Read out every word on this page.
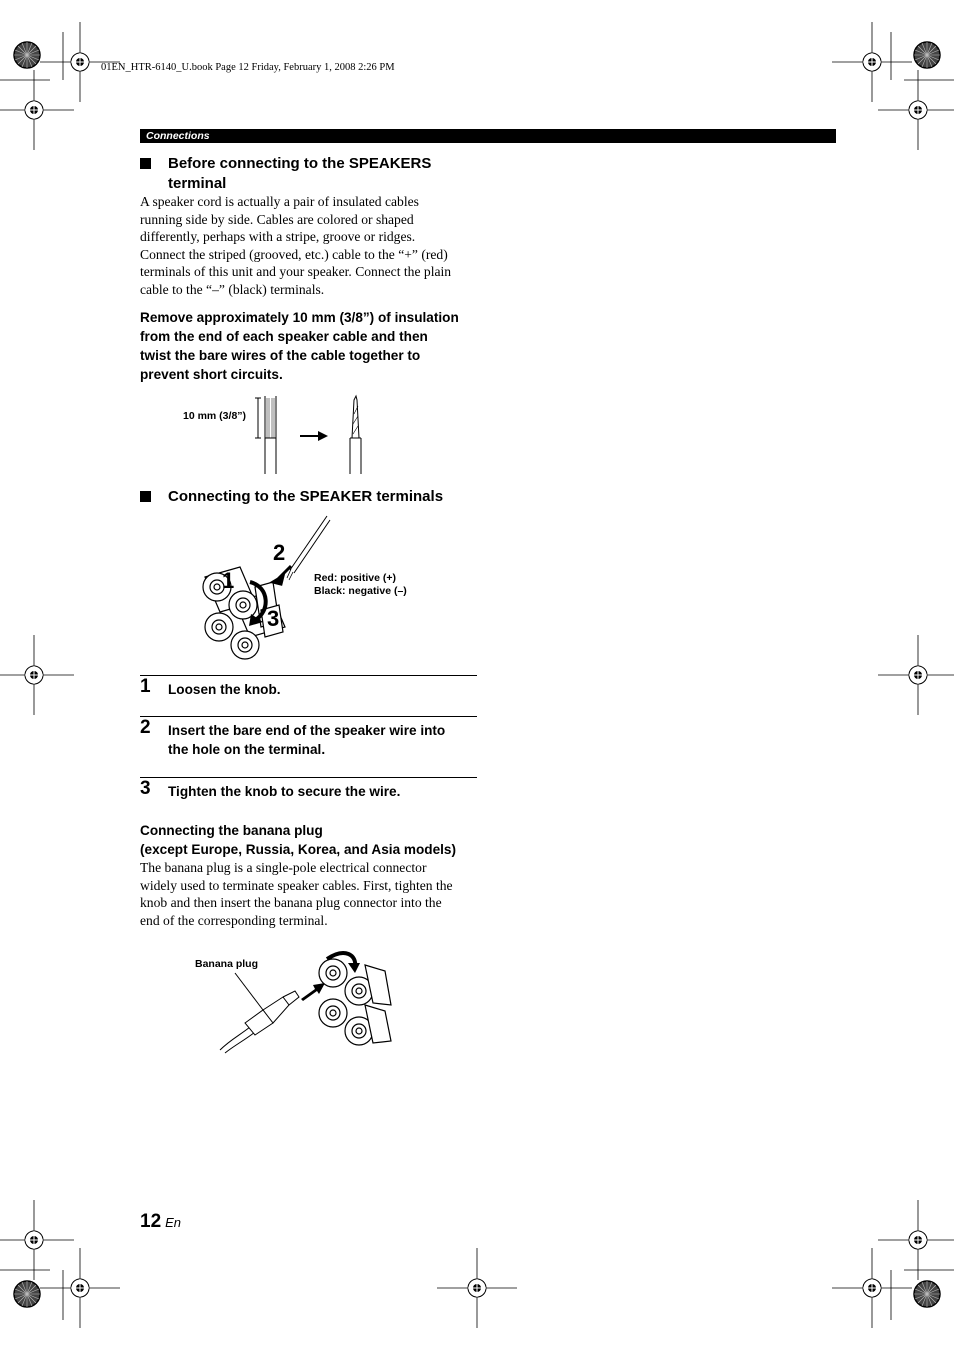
01EN_HTR-6140_U.book Page 12 Friday, February 1, 2008 2:26 PM
Connections
Before connecting to the SPEAKERS
terminal
A speaker cord is actually a pair of insulated cables
running side by side. Cables are colored or shaped
differently, perhaps with a stripe, groove or ridges.
Connect the striped (grooved, etc.) cable to the “+” (red)
terminals of this unit and your speaker. Connect the plain
cable to the “–” (black) terminals.
Remove approximately 10 mm (3/8”) of insulation
from the end of each speaker cable and then
twist the bare wires of the cable together to
prevent short circuits.
10 mm (3/8”)
Connecting to the SPEAKER terminals
2
1
3
Red: positive (+)
Black: negative (–)
1 Loosen the knob.
2 Insert the bare end of the speaker wire into
the hole on the terminal.
3 Tighten the knob to secure the wire.
Connecting the banana plug
(except Europe, Russia, Korea, and Asia models)
The banana plug is a single-pole electrical connector
widely used to terminate speaker cables. First, tighten the
knob and then insert the banana plug connector into the
end of the corresponding terminal.
Banana plug
12 En
